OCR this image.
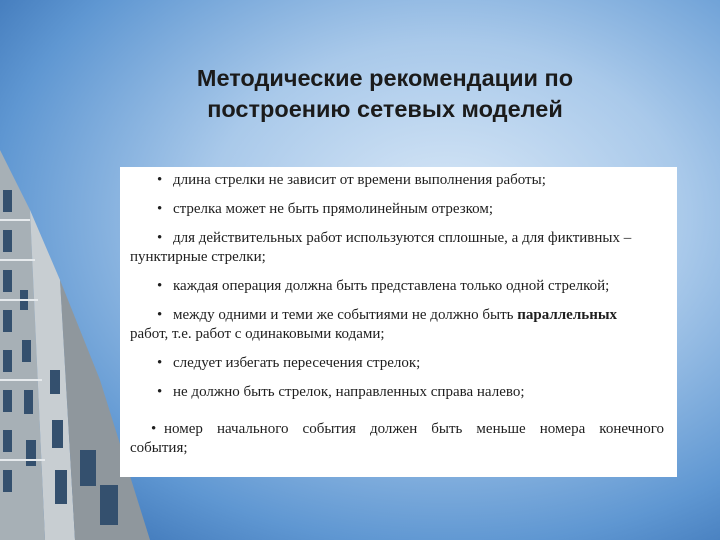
Методические рекомендации по
построению сетевых моделей
• длина стрелки не зависит от времени выполнения работы;
• стрелка может не быть прямолинейным отрезком;
• для действительных работ используются сплошные, а для фиктивных –
пунктирные стрелки;
• каждая операция должна быть представлена только одной стрелкой;
• между одними и теми же событиями не должно быть параллельных
работ, т.е. работ с одинаковыми кодами;
• следует избегать пересечения стрелок;
• не должно быть стрелок, направленных справа налево;
• номер начального события должен быть меньше номера конечного
события;
